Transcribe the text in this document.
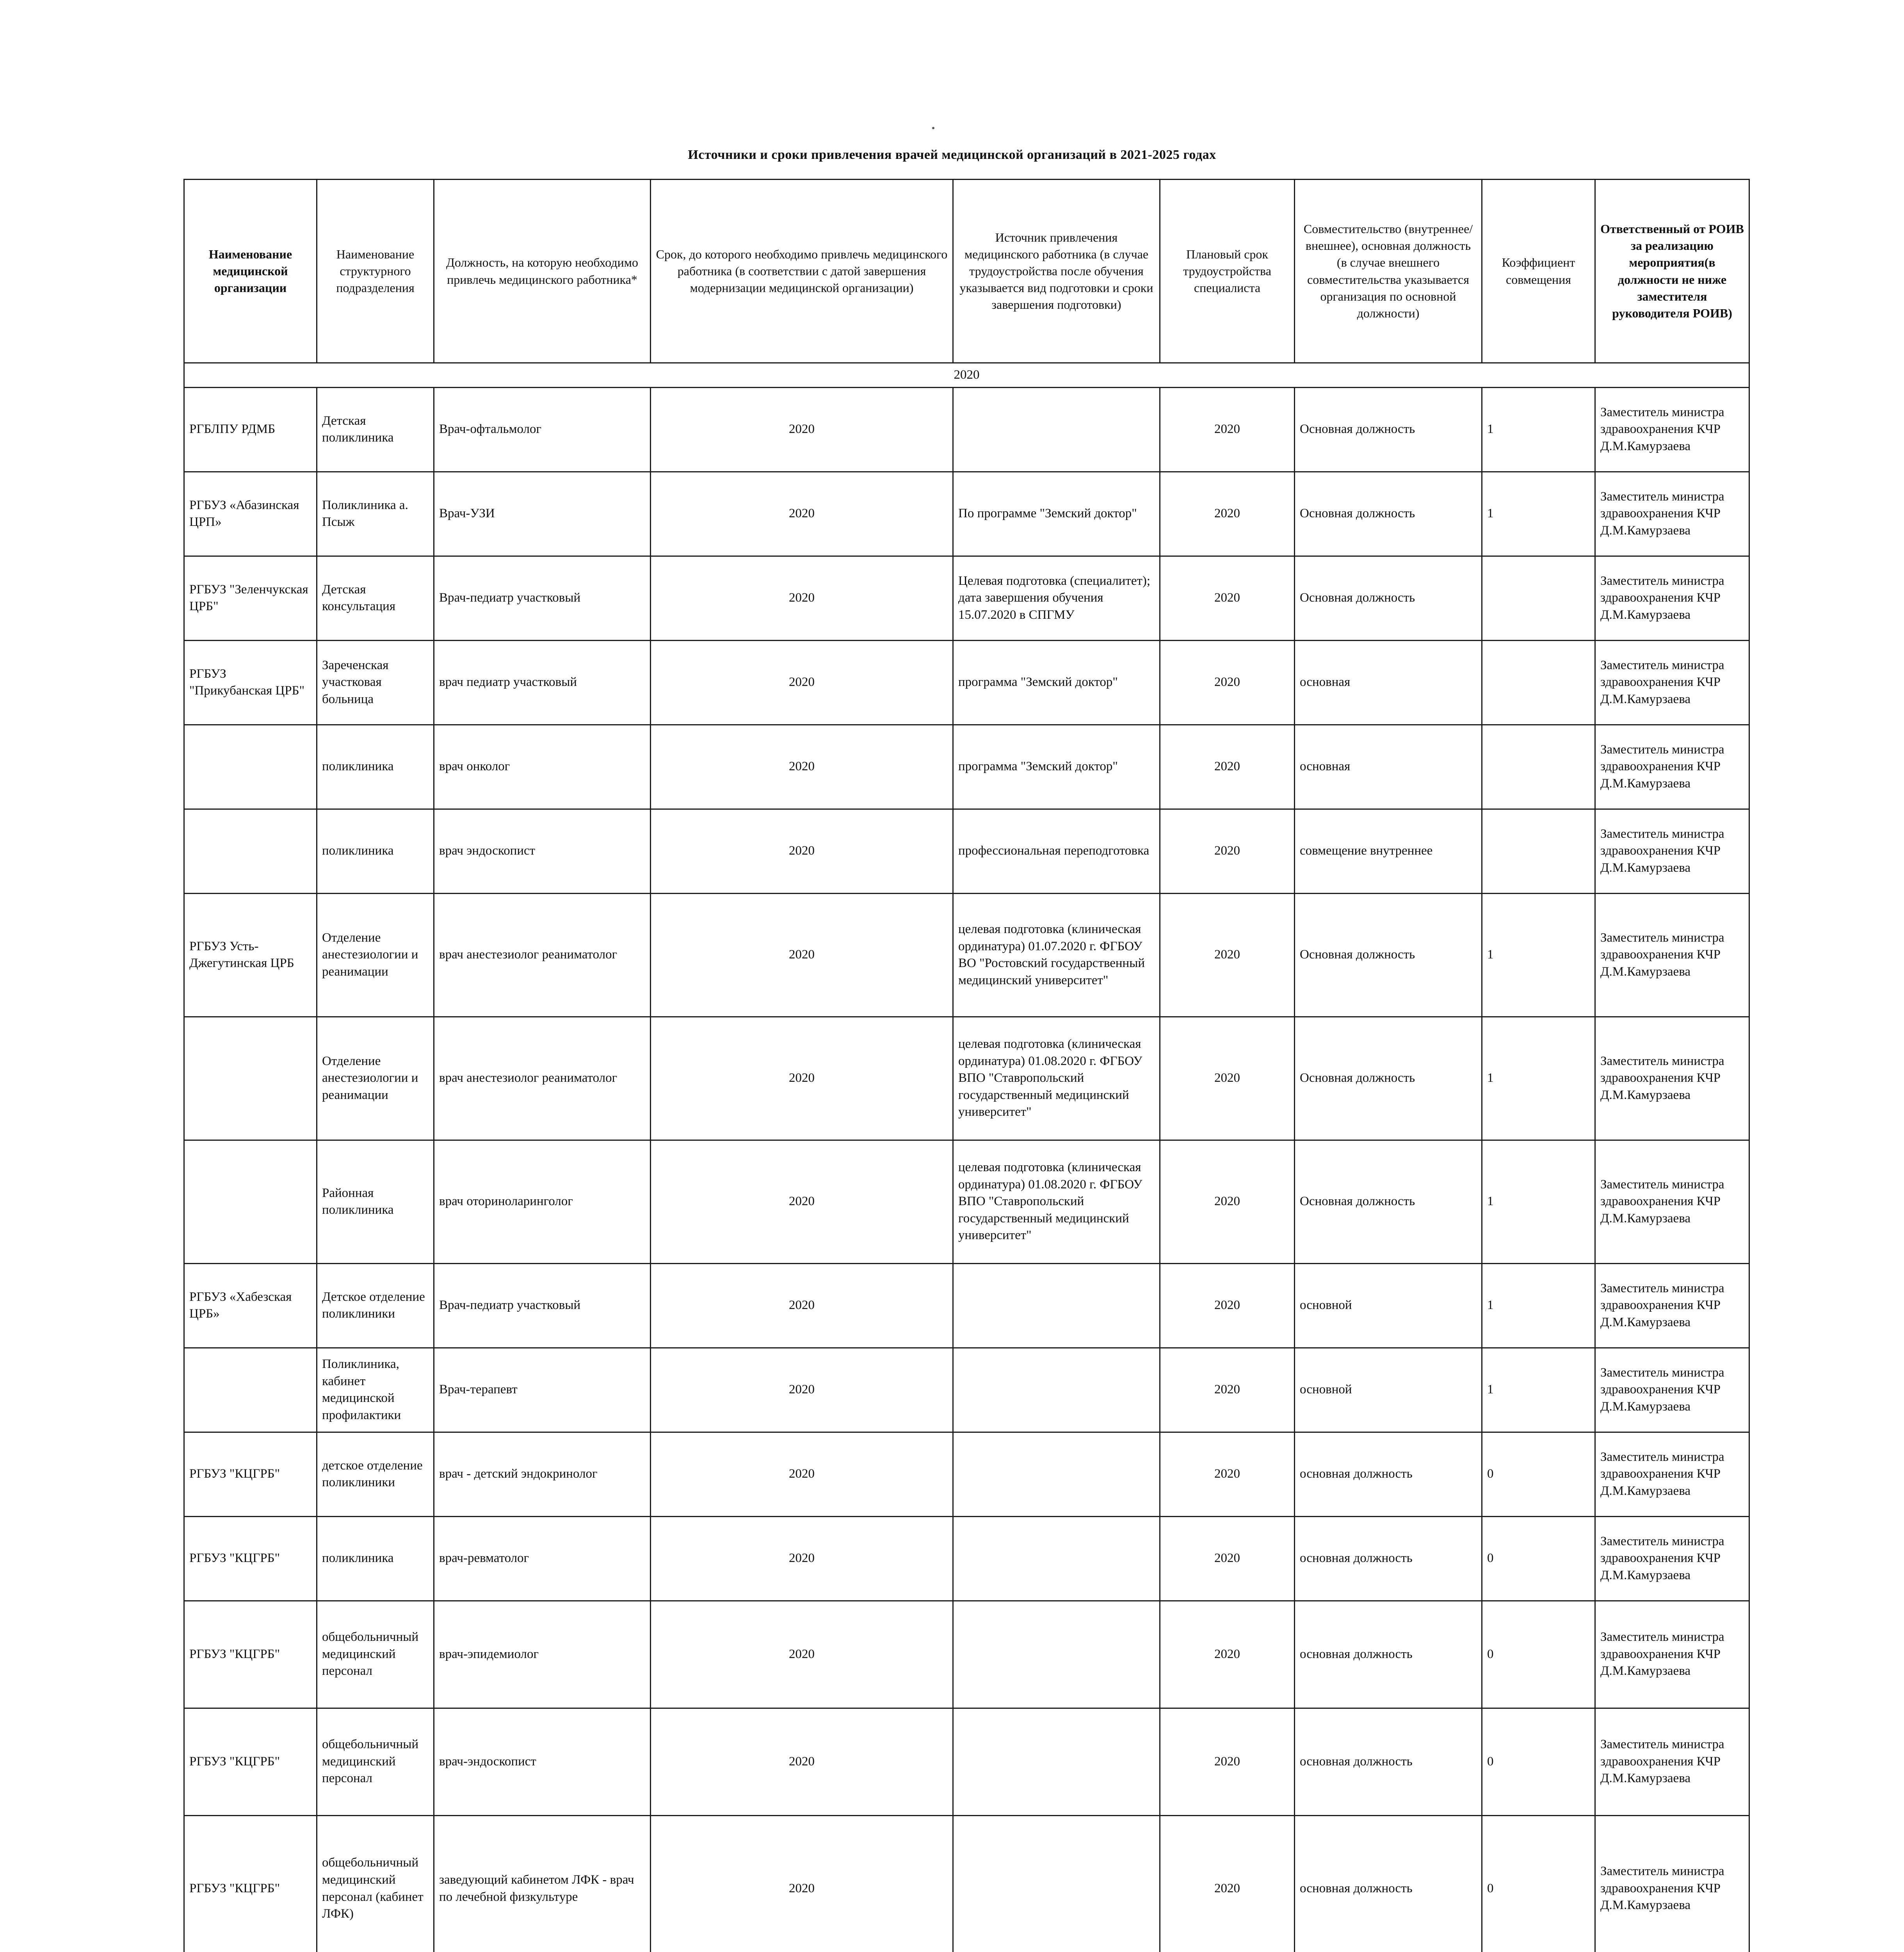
Источники и сроки привлечения врачей медицинской организаций в 2021-2025 годах
Наименование медицинской организации	Наименование структурного подразделения	Должность, на которую необходимо привлечь медицинского работника*	Срок, до которого необходимо привлечь медицинского работника (в соответствии с датой завершения модернизации медицинской организации)	Источник привлечения медицинского работника (в случае трудоустройства после обучения указывается вид подготовки и сроки завершения подготовки)	Плановый срок трудоустройства специалиста	Совместительство (внутреннее/внешнее), основная должность (в случае внешнего совместительства указывается организация по основной должности)	Коэффициент совмещения	Ответственный от РОИВ за реализацию мероприятия(в должности не ниже заместителя руководителя РОИВ)
2020								
РГБЛПУ РДМБ	Детская поликлиника	Врач-офтальмолог	2020		2020	Основная должность	1	Заместитель министра здравоохранения КЧР Д.М.Камурзаева
РГБУЗ «Абазинская ЦРП»	Поликлиника а. Псыж	Врач-УЗИ	2020	По программе "Земский доктор"	2020	Основная должность	1	Заместитель министра здравоохранения КЧР Д.М.Камурзаева
РГБУЗ "Зеленчукская ЦРБ"	Детская консультация	Врач-педиатр участковый	2020	Целевая подготовка (специалитет); дата завершения обучения 15.07.2020 в СПГМУ	2020	Основная должность		Заместитель министра здравоохранения КЧР Д.М.Камурзаева
РГБУЗ "Прикубанская ЦРБ"	Зареченская участковая больница	врач педиатр участковый	2020	программа "Земский доктор"	2020	основная		Заместитель министра здравоохранения КЧР Д.М.Камурзаева
	поликлиника	врач онколог	2020	программа "Земский доктор"	2020	основная		Заместитель министра здравоохранения КЧР Д.М.Камурзаева
	поликлиника	врач эндоскопист	2020	профессиональная переподготовка	2020	совмещение внутреннее		Заместитель министра здравоохранения КЧР Д.М.Камурзаева
РГБУЗ Усть-Джегутинская ЦРБ	Отделение анестезиологии и реанимации	врач анестезиолог реаниматолог	2020	целевая подготовка (клиническая ординатура) 01.07.2020 г. ФГБОУ ВО "Ростовский государственный медицинский университет"	2020	Основная должность	1	Заместитель министра здравоохранения КЧР Д.М.Камурзаева
	Отделение анестезиологии и реанимации	врач анестезиолог реаниматолог	2020	целевая подготовка (клиническая ординатура) 01.08.2020 г. ФГБОУ ВПО "Ставропольский государственный медицинский университет"	2020	Основная должность	1	Заместитель министра здравоохранения КЧР Д.М.Камурзаева
	Районная поликлиника	врач оториноларинголог	2020	целевая подготовка (клиническая ординатура) 01.08.2020 г. ФГБОУ ВПО "Ставропольский государственный медицинский университет"	2020	Основная должность	1	Заместитель министра здравоохранения КЧР Д.М.Камурзаева
РГБУЗ «Хабезская ЦРБ»	Детское отделение поликлиники	Врач-педиатр участковый	2020		2020	основной	1	Заместитель министра здравоохранения КЧР Д.М.Камурзаева
	Поликлиника, кабинет медицинской профилактики	Врач-терапевт	2020		2020	основной	1	Заместитель министра здравоохранения КЧР Д.М.Камурзаева
РГБУЗ "КЦГРБ"	детское отделение поликлиники	врач - детский эндокринолог	2020		2020	основная должность	0	Заместитель министра здравоохранения КЧР Д.М.Камурзаева
РГБУЗ "КЦГРБ"	поликлиника	врач-ревматолог	2020		2020	основная должность	0	Заместитель министра здравоохранения КЧР Д.М.Камурзаева
РГБУЗ "КЦГРБ"	общебольничный медицинский персонал	врач-эпидемиолог	2020		2020	основная должность	0	Заместитель министра здравоохранения КЧР Д.М.Камурзаева
РГБУЗ "КЦГРБ"	общебольничный медицинский персонал	врач-эндоскопист	2020		2020	основная должность	0	Заместитель министра здравоохранения КЧР Д.М.Камурзаева
РГБУЗ "КЦГРБ"	общебольничный медицинский персонал (кабинет ЛФК)	заведующий кабинетом ЛФК - врач по лечебной физкультуре	2020		2020	основная должность	0	Заместитель министра здравоохранения КЧР Д.М.Камурзаева
